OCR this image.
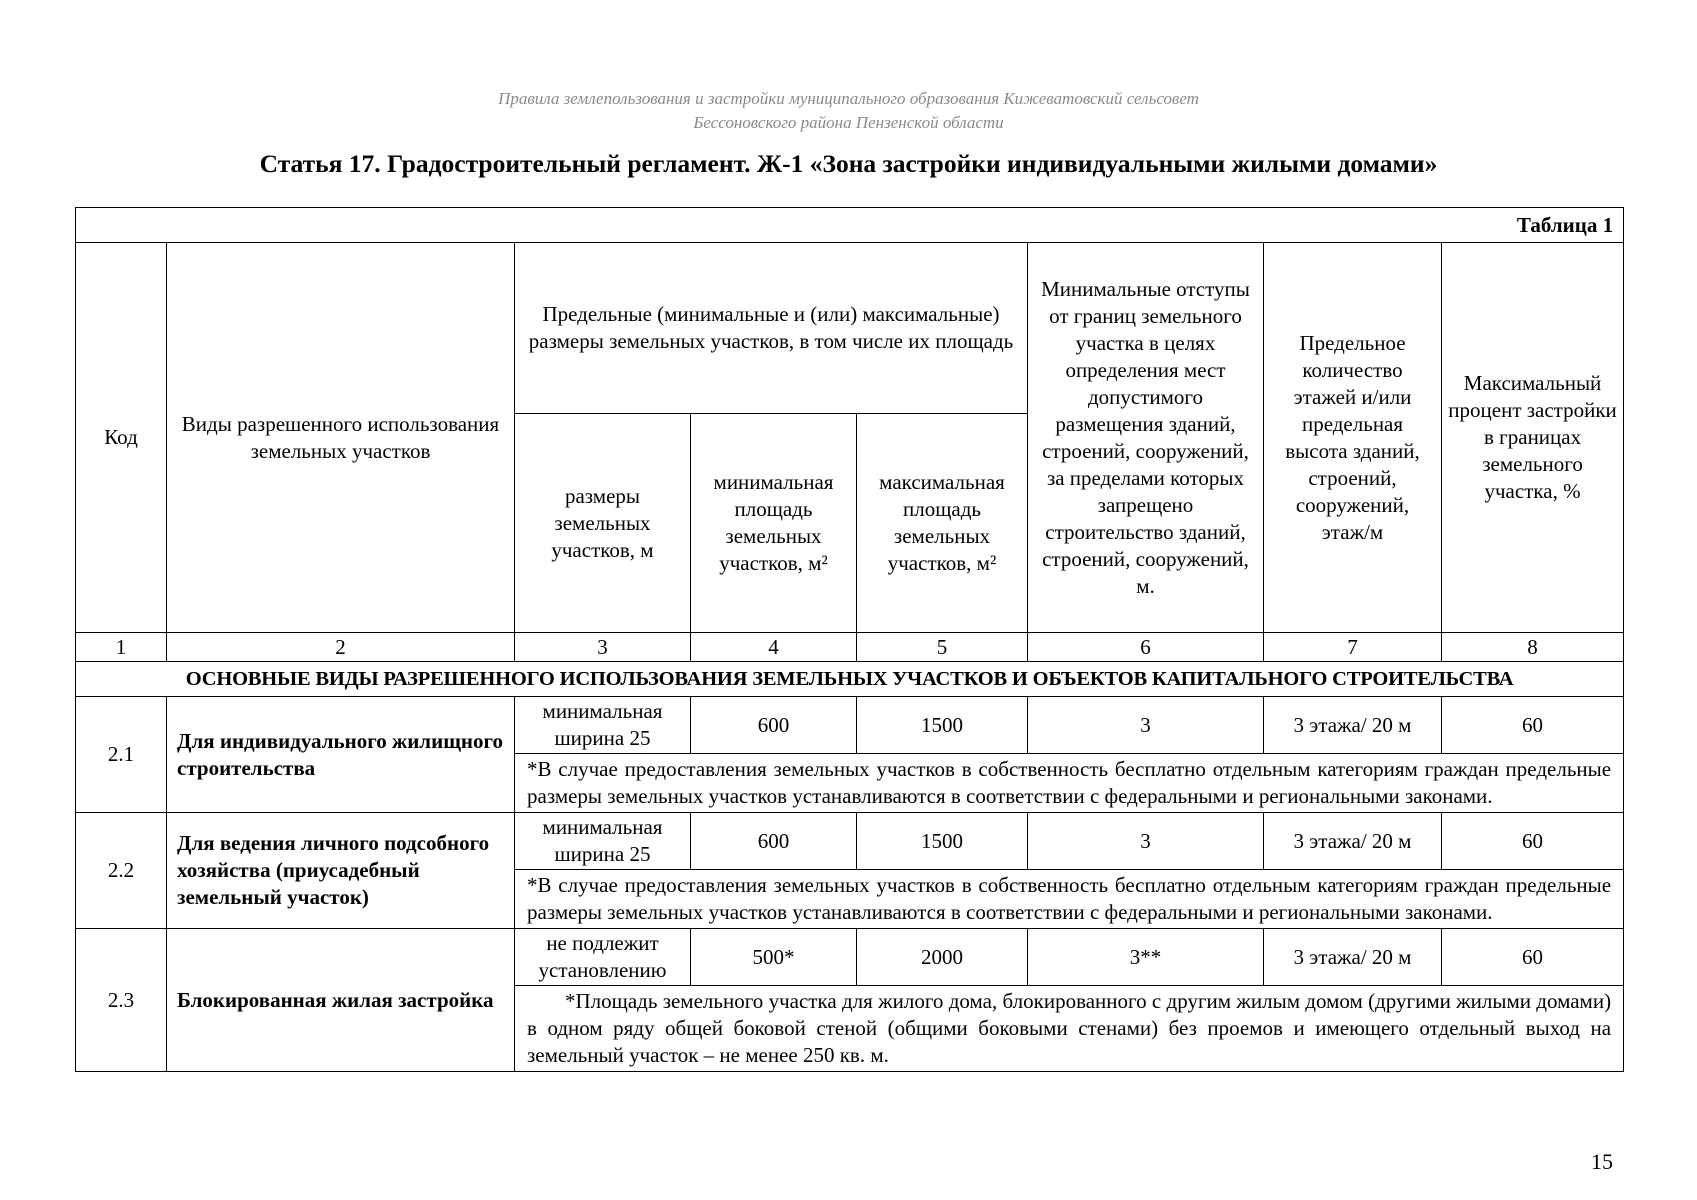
Правила землепользования и застройки муниципального образования Кижеватовский сельсовет
Бессоновского района Пензенской области
Статья 17. Градостроительный регламент. Ж-1 «Зона застройки индивидуальными жилыми домами»
Таблица 1							
Код	Виды разрешенного использования земельных участков	Предельные (минимальные и (или) максимальные) размеры земельных участков, в том числе их площадь			Минимальные отступы от границ земельного участка в целях определения мест допустимого размещения зданий, строений, сооружений, за пределами которых запрещено строительство зданий, строений, сооружений, м.	Предельное количество этажей и/или предельная высота зданий, строений, сооружений, этаж/м	Максимальный процент застройки в границах земельного участка, %
		размеры земельных участков, м	минимальная площадь земельных участков, м²	максимальная площадь земельных участков, м²			
1	2	3	4	5	6	7	8
ОСНОВНЫЕ ВИДЫ РАЗРЕШЕННОГО ИСПОЛЬЗОВАНИЯ ЗЕМЕЛЬНЫХ УЧАСТКОВ И ОБЪЕКТОВ КАПИТАЛЬНОГО СТРОИТЕЛЬСТВА							
2.1	Для индивидуального жилищного строительства	минимальная ширина 25	600	1500	3	3 этажа/ 20 м	60
		*В случае предоставления земельных участков в собственность бесплатно отдельным категориям граждан предельные размеры земельных участков устанавливаются в соответствии с федеральными и региональными законами.					
2.2	Для ведения личного подсобного хозяйства (приусадебный земельный участок)	минимальная ширина 25	600	1500	3	3 этажа/ 20 м	60
		*В случае предоставления земельных участков в собственность бесплатно отдельным категориям граждан предельные размеры земельных участков устанавливаются в соответствии с федеральными и региональными законами.					
2.3	Блокированная жилая застройка	не подлежит установлению	500*	2000	3**	3 этажа/ 20 м	60
		*Площадь земельного участка для жилого дома, блокированного с другим жилым домом (другими жилыми домами) в одном ряду общей боковой стеной (общими боковыми стенами) без проемов и имеющего отдельный выход на земельный участок – не менее 250 кв. м.					
15
